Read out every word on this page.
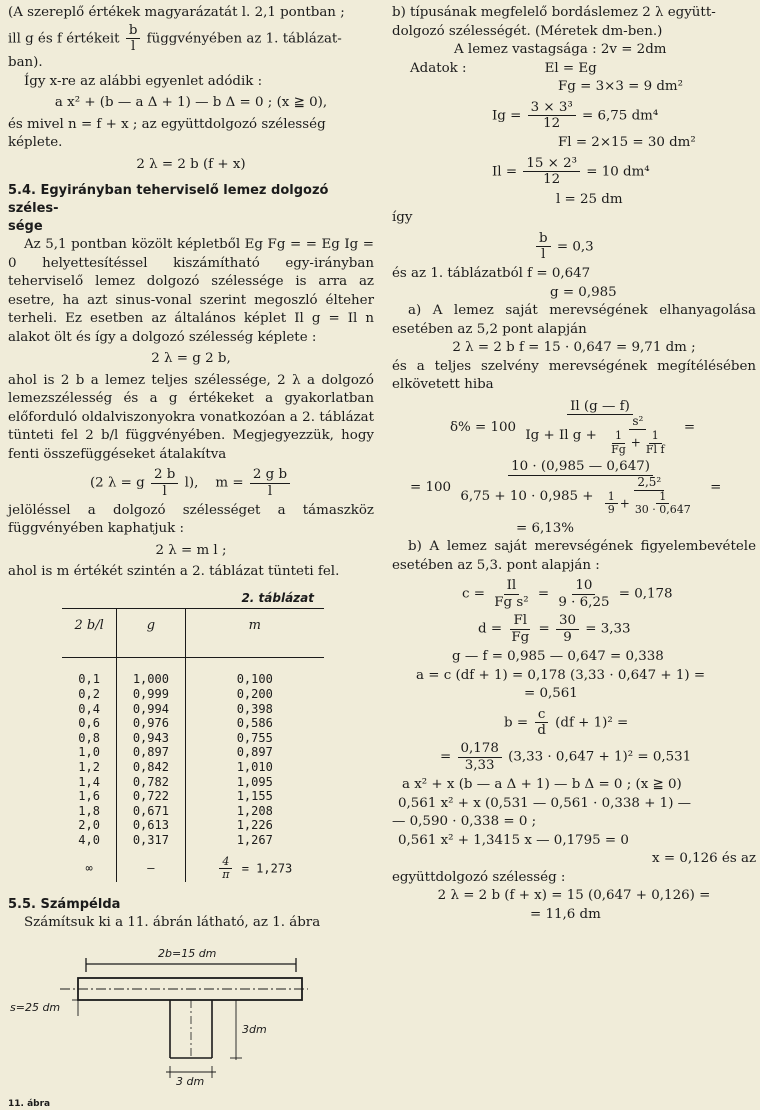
(A szereplő értékek magyarázatát l. 2,1 pontban ;

ill g és f értékeit $\frac{b}{l}$ függvényében az 1. táblázat-

ban).

Így x-re az alábbi egyenlet adódik :

a x² + (b — a Δ + 1) — b Δ = 0 ; (x ≧ 0),

és mivel n = f + x ; az együttdolgozó szélesség

képlete.

2 λ = 2 b (f + x)

5.4. Egyirányban teherviselő lemez dolgozó széles-

sége

Az 5,1 pontban közölt képletből Eg Fg = = Eg Ig = 0 helyettesítéssel kiszámítható egy-irányban teherviselő lemez dolgozó szélessége is arra az esetre, ha azt sinus-vonal szerint megoszló élteher terheli. Ez esetben az általános képlet Il g = Il n alakot ölt és így a dolgozó szélesség képlete :

2 λ = g 2 b,

ahol is 2 b a lemez teljes szélessége, 2 λ a dolgozó lemezszélesség és a g értékeket a gyakorlatban előforduló oldalviszonyokra vonatkozóan a 2. táblázat tünteti fel 2 b/l függvényében. Megjegyezzük, hogy fenti összefüggéseket átalakítva

(2 λ = g $\frac{2 b}{l} l$), $m = \frac{\text{2 g b}}{l}$

jelöléssel a dolgozó szélességet a támaszköz függvényében kaphatjuk :

2 λ = m l ;

ahol is m értékét szintén a 2. táblázat tünteti fel.

2. táblázat

2 b/l	g	m
0,1	1,000	0,100
0,2	0,999	0,200
0,4	0,994	0,398
0,6	0,976	0,586
0,8	0,943	0,755
1,0	0,897	0,897
1,2	0,842	1,010
1,4	0,782	1,095
1,6	0,722	1,155
1,8	0,671	1,208
2,0	0,613	1,226
4,0	0,317	1,267
∞	—	$\frac{4}{\pi} = 1,273$

5.5. Számpélda

Számítsuk ki a 11. ábrán látható, az 1. ábra

2b=15 dm
s=25 dm
3dm
3 dm
11. ábra

b) típusának megfelelő bordáslemez 2 λ együtt-

dolgozó szélességét. (Méretek dm-ben.)

A lemez vastagsága : 2v = 2dm

Adatok :	El = Eg

Fg = 3×3 = 9 dm²

$Ig = \frac{\text{3 × 3³}}{12} = 6,75$ dm⁴

Fl = 2×15 = 30 dm²

$Il = \frac{\text{15 × 2³}}{12} = 10$ dm⁴

l = 25 dm

így

$\frac{b}{l} = 0,3$

és az 1. táblázatból f = 0,647

g = 0,985

a) A lemez saját merevségének elhanyagolása esetében az 5,2 pont alapján

2 λ = 2 b f = 15 · 0,647 = 9,71 dm ;

és a teljes szelvény merevségének megítélésében elkövetett hiba

$\delta\% = 100 \frac{Il (g — f)}{Ig + Il g + \frac{\text{s²}}{\frac{1}{Fg} + \frac{1}{\text{Fl f}}}}$ =

= $100 \frac{10 \cdot (0,985 — 0,647)}{6,75 + 10 \cdot 0,985 + \frac{\text{2,5²}}{\frac{1}{9} + \frac{1}{30 \cdot 0,647}}}$ =

= 6,13%

b) A lemez saját merevségének figyelembevétele esetében az 5,3. pont alapján :

$c = \frac{Il}{\text{Fg s²}} = \frac{10}{9 \cdot 6,25} = 0,178$

$d = \frac{Fl}{Fg} = \frac{30}{9} = 3,33$

g — f = 0,985 — 0,647 = 0,338

a = c (df + 1) = 0,178 (3,33 · 0,647 + 1) =

= 0,561

$b = \frac{c}{d} (df + 1)^2$ =

= $\frac{0,178}{3,33} (3,33 \cdot 0,647 + 1)^2 = 0,531$

a x² + x (b — a Δ + 1) — b Δ = 0 ; (x ≧ 0)

0,561 x² + x (0,531 — 0,561 · 0,338 + 1) —

— 0,590 · 0,338 = 0 ;

0,561 x² + 1,3415 x — 0,1795 = 0

x = 0,126 és az

együttdolgozó szélesség :

2 λ = 2 b (f + x) = 15 (0,647 + 0,126) =

= 11,6 dm
